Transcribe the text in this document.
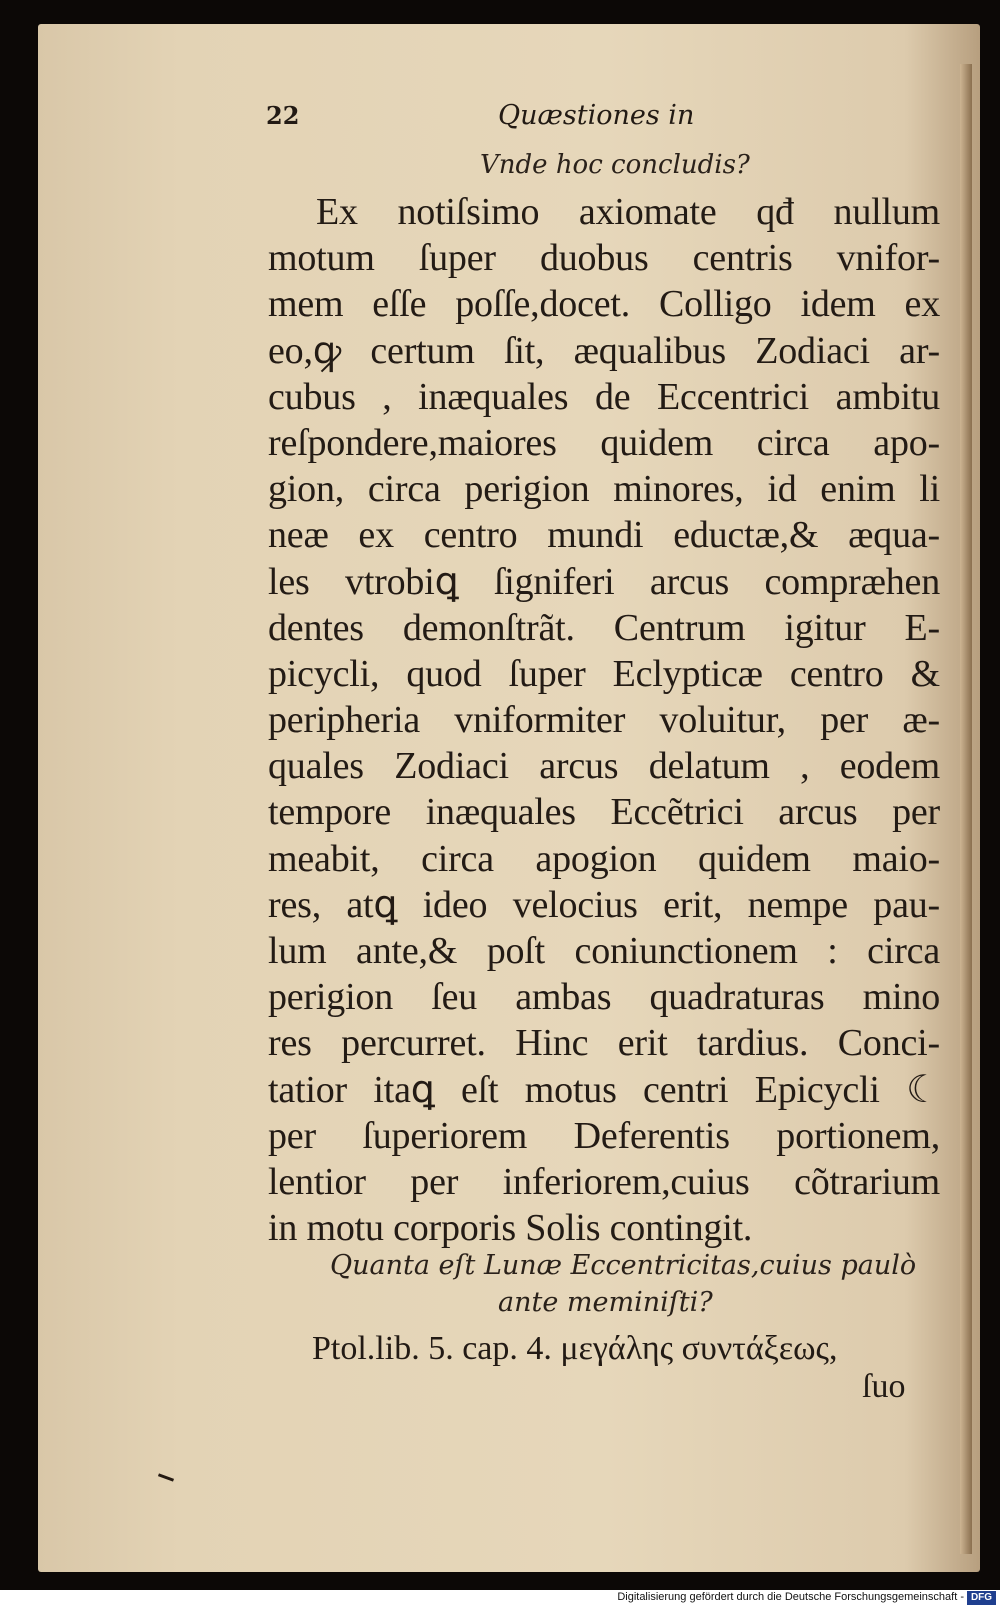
22	Quæstiones in
Vnde hoc concludis?
Ex notiſsimo axiomate qđ nullum
motum ſuper duobus centris vnifor-
mem eſſe poſſe,docet. Colligo idem ex
eo,ꝙ certum ſit, æqualibus Zodiaci ar-
cubus , inæquales de Eccentrici ambitu
reſpondere,maiores quidem circa apo-
gion, circa perigion minores, id enim li
neæ ex centro mundi eductæ,& æqua-
les vtrobiꝗ ſigniferi arcus compræhen
dentes demonſtrãt. Centrum igitur E-
picycli, quod ſuper Eclypticæ centro &
peripheria vniformiter voluitur, per æ-
quales Zodiaci arcus delatum , eodem
tempore inæquales Eccẽtrici arcus per
meabit, circa apogion quidem maio-
res, atꝗ ideo velocius erit, nempe pau-
lum ante,& poſt coniunctionem : circa
perigion ſeu ambas quadraturas mino
res percurret. Hinc erit tardius. Conci-
tatior itaꝗ eſt motus centri Epicycli ☾
per ſuperiorem Deferentis portionem,
lentior per inferiorem,cuius cõtrarium
in motu corporis Solis contingit.
Quanta eſt Lunæ Eccentricitas,cuius paulò
ante meminiſti?
Ptol.lib. 5. cap. 4. μεγάλης συντάξεως,
ſuo
Digitalisierung gefördert durch die Deutsche Forschungsgemeinschaft - DFG
